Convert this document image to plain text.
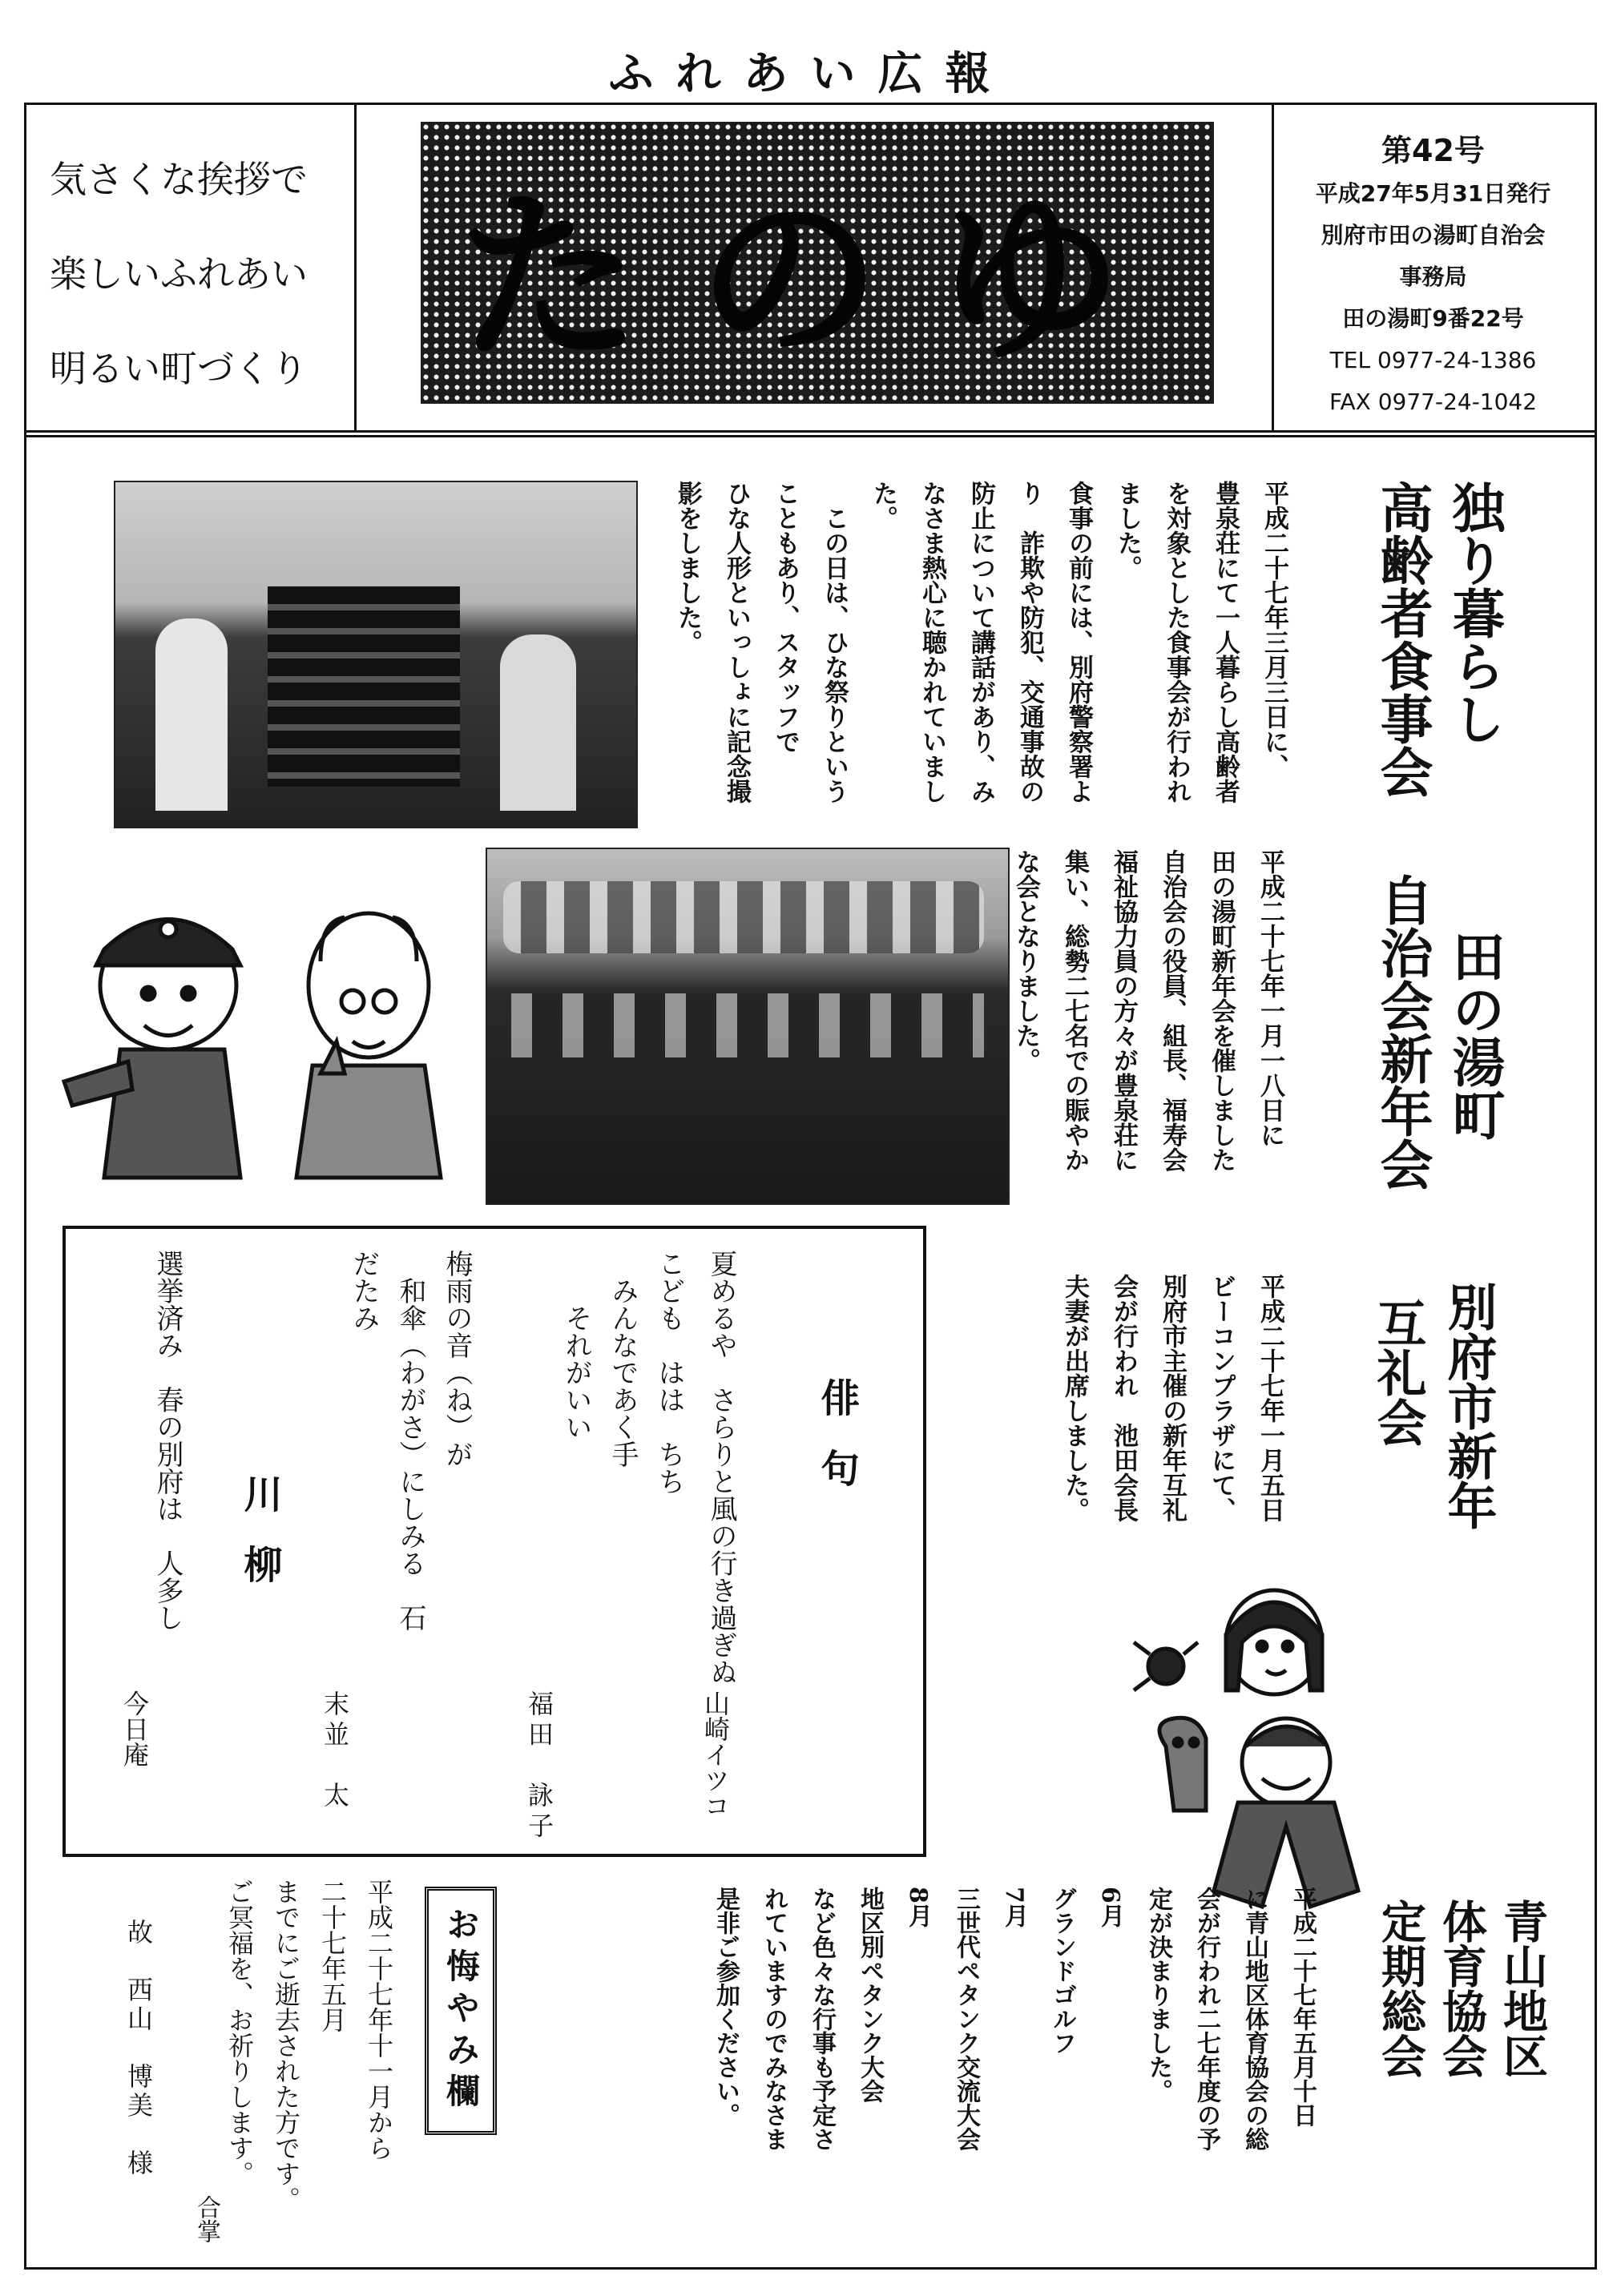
ふれあい広報
気さくな挨拶で
楽しいふれあい
明るい町づくり たのゆ
第42号
平成27年5月31日発行
別府市田の湯町自治会
事務局
田の湯町9番22号
TEL 0977-24-1386
FAX 0977-24-1042
独り暮らし
高齢者食事会
平成二十七年三月三日に、
豊泉荘にて一人暮らし高齢者
を対象とした食事会が行われ
ました。
食事の前には、別府警察署よ
り　詐欺や防犯、交通事故の
防止について講話があり、み
なさま熱心に聴かれていまし
た。
　この日は、ひな祭りという
こともあり、スタッフで
ひな人形といっしょに記念撮
影をしました。
田の湯町
自治会新年会
平成二十七年一月一八日に
田の湯町新年会を催しました
自治会の役員、組長、福寿会
福祉協力員の方々が豊泉荘に
集い、総勢二七名での賑やか
な会となりました。
別府市新年
互礼会
平成二十七年一月五日
ビーコンプラザにて、
別府市主催の新年互礼
会が行われ　池田会長
夫妻が出席しました。
青山地区
体育協会
定期総会
平成二十七年五月十日
に青山地区体育協会の総
会が行われ二七年度の予
定が決まりました。
6月
グランドゴルフ
7月
三世代ペタンク交流大会
8月
地区別ペタンク大会
など色々な行事も予定さ
れていますのでみなさま
是非ご参加ください。
俳句
夏めるや　さらりと風の行き過ぎぬ
山崎イツコ
こども　はは　ちち
　みんなであく手
　　それがいい
福田　詠子
梅雨の音（ね）が
　和傘（わがさ）にしみる　石だたみ
末並　太
川柳
選挙済み　春の別府は　人多し
今日庵
お悔やみ欄
平成二十七年十一月から
二十七年五月
までにご逝去された方です。
ご冥福を、お祈りします。
故　西山　博美　様
合掌
